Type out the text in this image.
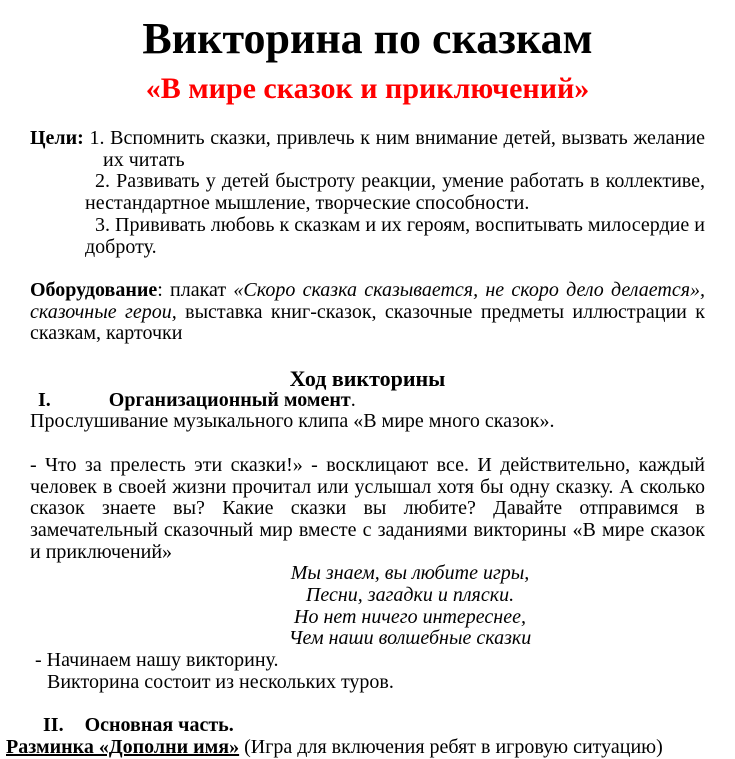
Викторина по сказкам
«В мире сказок и приключений»

Цели: 1. Вспомнить сказки, привлечь к ним внимание детей, вызвать желание их читать

2. Развивать у детей быстроту реакции, умение работать в коллективе, нестандартное мышление, творческие способности.

3. Прививать любовь к сказкам и их героям, воспитывать милосердие и доброту.

Оборудование: плакат «Скоро сказка сказывается, не скоро дело делается», сказочные герои, выставка книг-сказок, сказочные предметы иллюстрации к сказкам, карточки

Ход викторины

I.	Организационный момент.

Прослушивание музыкального клипа «В мире много сказок».

- Что за прелесть эти сказки!» - восклицают все. И действительно, каждый человек в своей жизни прочитал или услышал хотя бы одну сказку. А сколько сказок знаете вы? Какие сказки вы любите? Давайте отправимся в замечательный сказочный мир вместе с заданиями викторины «В мире сказок и приключений»

Мы знаем, вы любите игры,
Песни, загадки и пляски.
Но нет ничего интереснее,
Чем наши волшебные сказки

- Начинаем нашу викторину.

Викторина состоит из нескольких туров.

II. Основная часть.

Разминка «Дополни имя» (Игра для включения ребят в игровую ситуацию)
